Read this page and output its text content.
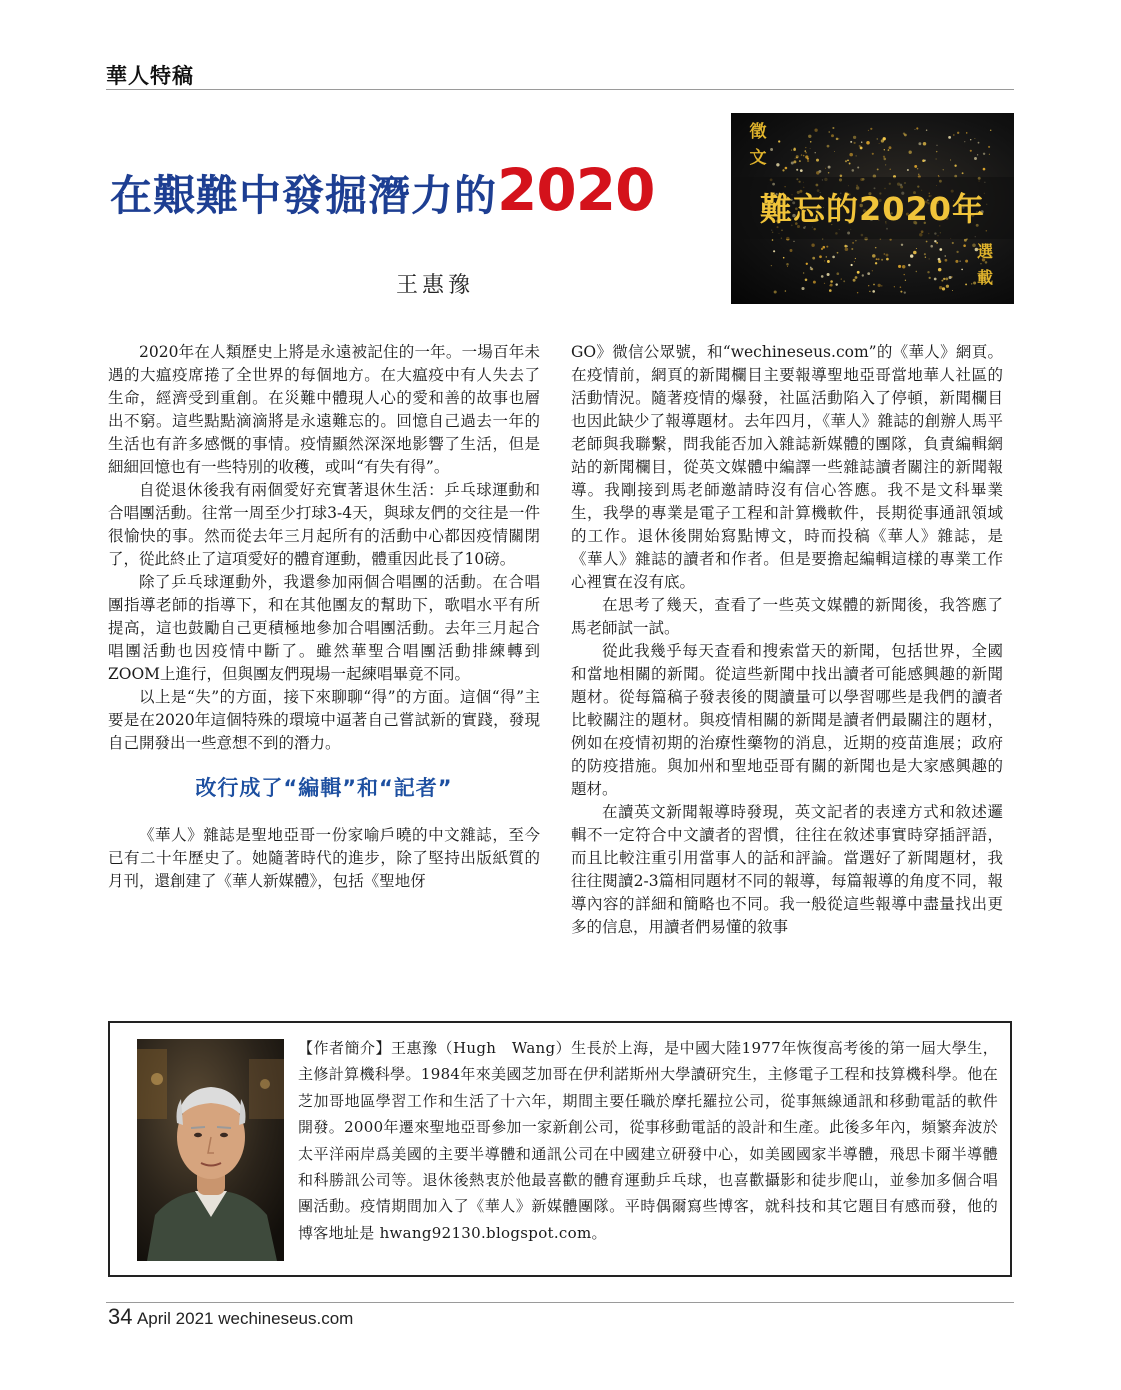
華人特稿
在艱難中發掘潛力的2020
王惠豫
徵
文
難忘的2020年
選
載

2020年在人類歷史上將是永遠被記住的一年。一場百年未遇的大瘟疫席捲了全世界的每個地方。在大瘟疫中有人失去了生命，經濟受到重創。在災難中體現人心的愛和善的故事也層出不窮。這些點點滴滴將是永遠難忘的。回憶自己過去一年的生活也有許多感慨的事情。疫情顯然深深地影響了生活，但是細細回憶也有一些特別的收穫，或叫“有失有得”。

自從退休後我有兩個愛好充實著退休生活：乒乓球運動和合唱團活動。往常一周至少打球3-4天，與球友們的交往是一件很愉快的事。然而從去年三月起所有的活動中心都因疫情關閉了，從此終止了這項愛好的體育運動，體重因此長了10磅。

除了乒乓球運動外，我還參加兩個合唱團的活動。在合唱團指導老師的指導下，和在其他團友的幫助下，歌唱水平有所提高，這也鼓勵自己更積極地參加合唱團活動。去年三月起合唱團活動也因疫情中斷了。雖然華聖合唱團活動排練轉到ZOOM上進行，但與團友們現場一起練唱畢竟不同。

以上是“失”的方面，接下來聊聊“得”的方面。這個“得”主要是在2020年這個特殊的環境中逼著自己嘗試新的實踐，發現自己開發出一些意想不到的潛力。

改行成了“編輯”和“記者”

《華人》雜誌是聖地亞哥一份家喻戶曉的中文雜誌，至今已有二十年歷史了。她隨著時代的進步，除了堅持出版紙質的月刊，還創建了《華人新媒體》，包括《聖地伢

GO》微信公眾號，和“wechineseus.com”的《華人》網頁。在疫情前，網頁的新聞欄目主要報導聖地亞哥當地華人社區的活動情況。隨著疫情的爆發，社區活動陷入了停頓，新聞欄目也因此缺少了報導題材。去年四月，《華人》雜誌的創辦人馬平老師與我聯繫，問我能否加入雜誌新媒體的團隊，負責編輯網站的新聞欄目，從英文媒體中編譯一些雜誌讀者關注的新聞報導。我剛接到馬老師邀請時沒有信心答應。我不是文科畢業生，我學的專業是電子工程和計算機軟件，長期從事通訊領域的工作。退休後開始寫點博文，時而投稿《華人》雜誌，是《華人》雜誌的讀者和作者。但是要擔起編輯這樣的專業工作心裡實在沒有底。

在思考了幾天，查看了一些英文媒體的新聞後，我答應了馬老師試一試。

從此我幾乎每天查看和搜索當天的新聞，包括世界，全國和當地相關的新聞。從這些新聞中找出讀者可能感興趣的新聞題材。從每篇稿子發表後的閱讀量可以學習哪些是我們的讀者比較關注的題材。與疫情相關的新聞是讀者們最關注的題材，例如在疫情初期的治療性藥物的消息，近期的疫苗進展；政府的防疫措施。與加州和聖地亞哥有關的新聞也是大家感興趣的題材。

在讀英文新聞報導時發現，英文記者的表達方式和敘述邏輯不一定符合中文讀者的習慣，往往在敘述事實時穿插評語，而且比較注重引用當事人的話和評論。當選好了新聞題材，我往往閱讀2-3篇相同題材不同的報導，每篇報導的角度不同，報導內容的詳細和簡略也不同。我一般從這些報導中盡量找出更多的信息，用讀者們易懂的敘事

【作者簡介】王惠豫（Hugh　Wang）生長於上海，是中國大陸1977年恢復高考後的第一屆大學生，主修計算機科學。1984年來美國芝加哥在伊利諾斯州大學讀研究生，主修電子工程和技算機科學。他在芝加哥地區學習工作和生活了十六年，期間主要任職於摩托羅拉公司，從事無線通訊和移動電話的軟件開發。2000年遷來聖地亞哥參加一家新創公司，從事移動電話的設計和生產。此後多年內，頻繁奔波於太平洋兩岸爲美國的主要半導體和通訊公司在中國建立研發中心，如美國國家半導體，飛思卡爾半導體和科勝訊公司等。退休後熱衷於他最喜歡的體育運動乒乓球，也喜歡攝影和徒步爬山，並參加多個合唱團活動。疫情期間加入了《華人》新媒體團隊。平時偶爾寫些博客，就科技和其它題目有感而發，他的博客地址是 hwang92130.blogspot.com。
34 April 2021 wechineseus.com
